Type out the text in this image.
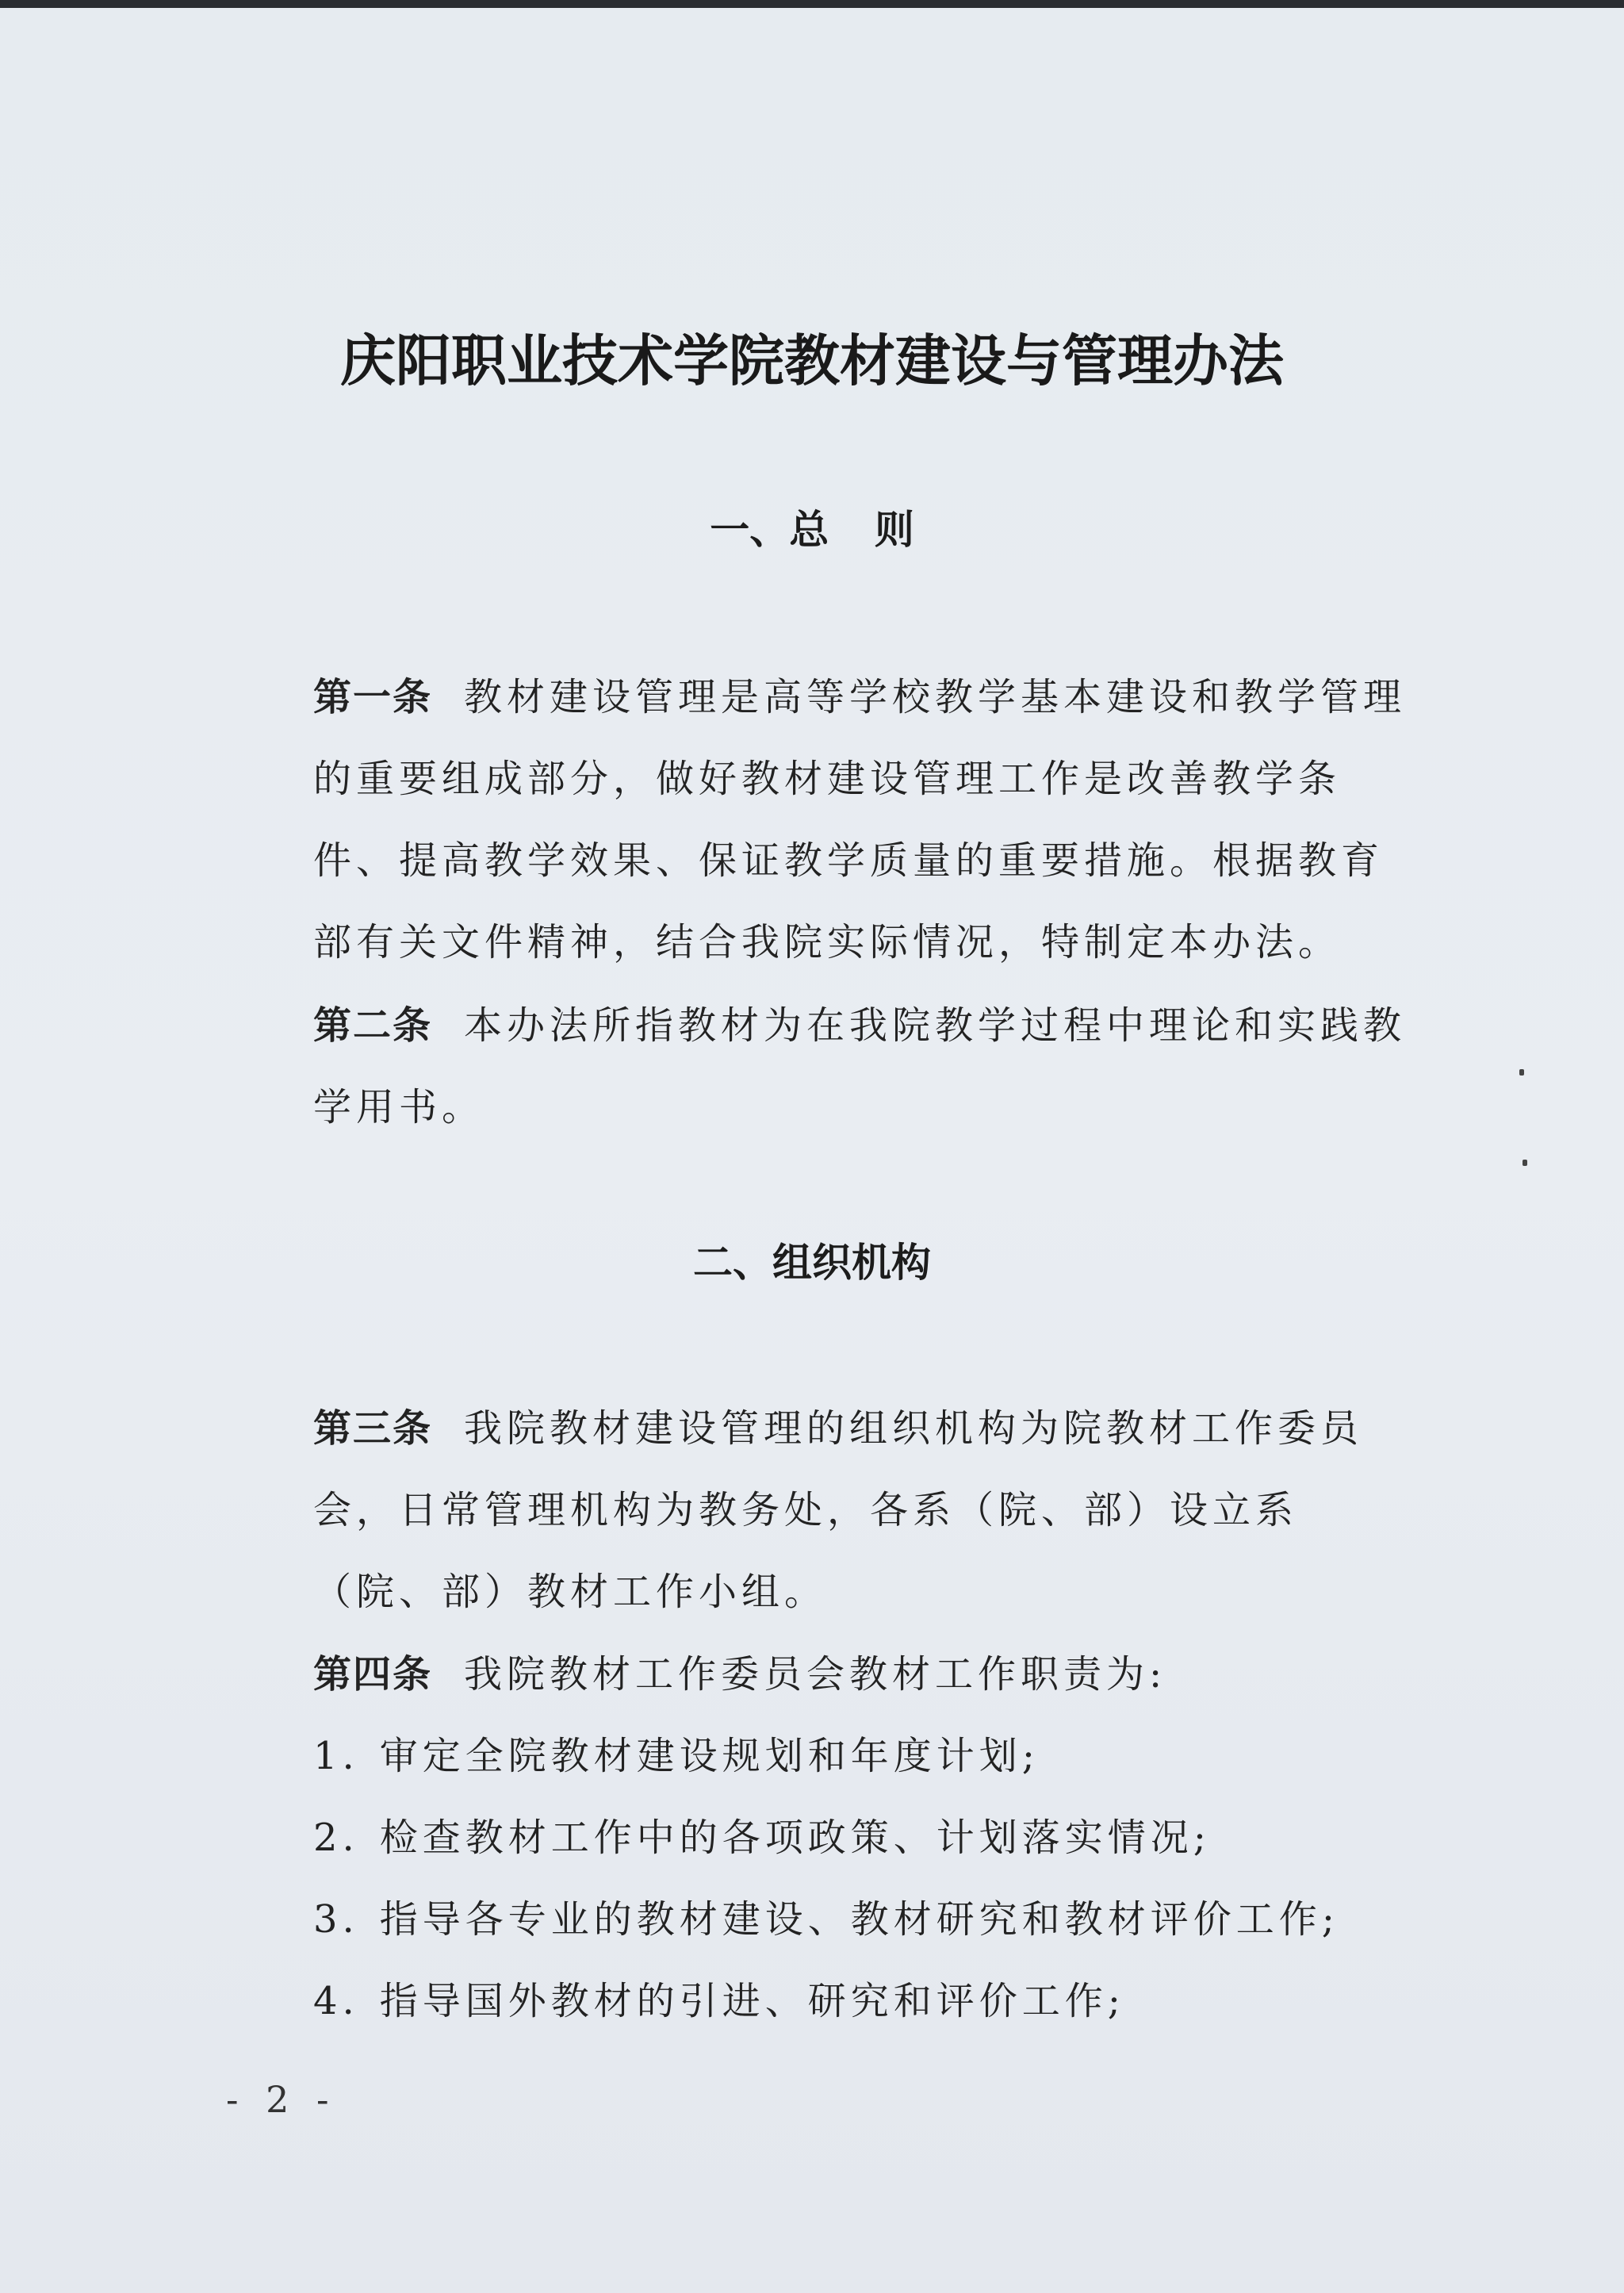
庆阳职业技术学院教材建设与管理办法
一、总 则
第一条 教材建设管理是高等学校教学基本建设和教学管理的重要组成部分，做好教材建设管理工作是改善教学条件、提高教学效果、保证教学质量的重要措施。根据教育部有关文件精神，结合我院实际情况，特制定本办法。
第二条 本办法所指教材为在我院教学过程中理论和实践教学用书。
二、组织机构
第三条 我院教材建设管理的组织机构为院教材工作委员会，日常管理机构为教务处，各系（院、部）设立系（院、部）教材工作小组。
第四条 我院教材工作委员会教材工作职责为:
1. 审定全院教材建设规划和年度计划;
2. 检查教材工作中的各项政策、计划落实情况;
3. 指导各专业的教材建设、教材研究和教材评价工作;
4. 指导国外教材的引进、研究和评价工作;
- 2 -
